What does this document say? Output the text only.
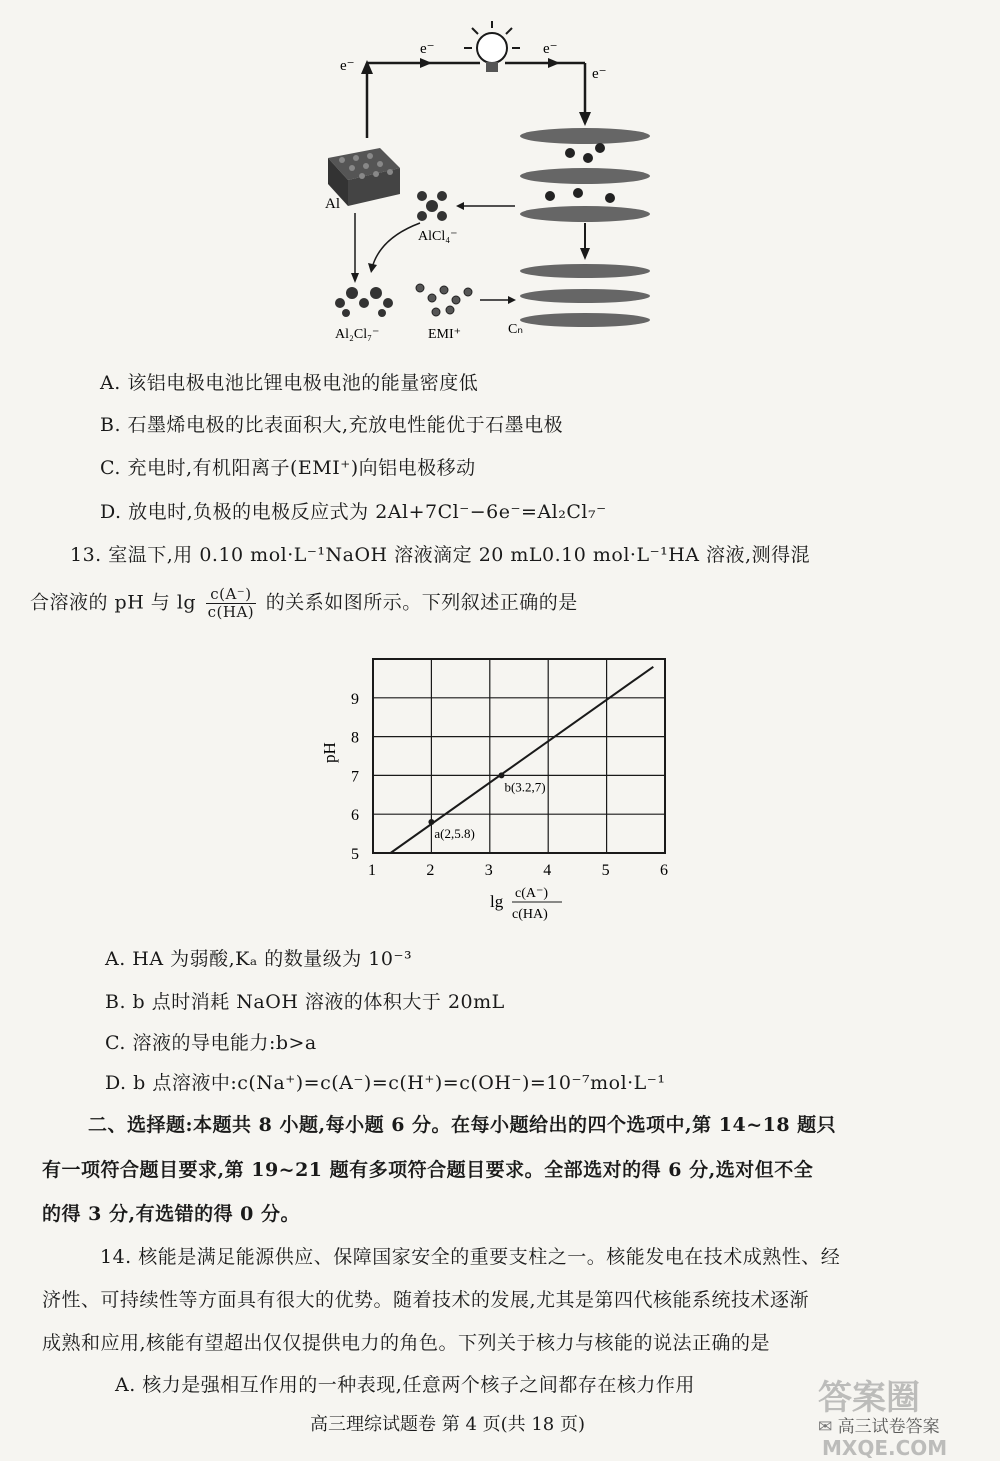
e⁻
e⁻	e⁻
e⁻
Al
AlCl₄⁻
Al₂Cl₇⁻	EMI⁺	Cₙ
A. 该铝电极电池比锂电极电池的能量密度低
B. 石墨烯电极的比表面积大,充放电性能优于石墨电极
C. 充电时,有机阳离子(EMI⁺)向铝电极移动
D. 放电时,负极的电极反应式为 2Al+7Cl⁻−6e⁻=Al₂Cl₇⁻
13. 室温下,用 0.10 mol·L⁻¹NaOH 溶液滴定 20 mL0.10 mol·L⁻¹HA 溶液,测得混
合溶液的 pH 与 $\lg \frac{c(A^-)}{c(HA)}$ 的关系如图所示。下列叙述正确的是
a(2,5.8)
b(3.2,7)
1	2	3	4	5	6
5
6
7
8
9
pH
lg c(A⁻)
c(HA)
A. HA 为弱酸,Kₐ 的数量级为 10⁻³
B. b 点时消耗 NaOH 溶液的体积大于 20mL
C. 溶液的导电能力:b>a
D. b 点溶液中:c(Na⁺)=c(A⁻)=c(H⁺)=c(OH⁻)=10⁻⁷mol·L⁻¹
二、选择题:本题共 8 小题,每小题 6 分。在每小题给出的四个选项中,第 14~18 题只
有一项符合题目要求,第 19~21 题有多项符合题目要求。全部选对的得 6 分,选对但不全
的得 3 分,有选错的得 0 分。
14. 核能是满足能源供应、保障国家安全的重要支柱之一。核能发电在技术成熟性、经
济性、可持续性等方面具有很大的优势。随着技术的发展,尤其是第四代核能系统技术逐渐
成熟和应用,核能有望超出仅仅提供电力的角色。下列关于核力与核能的说法正确的是
A. 核力是强相互作用的一种表现,任意两个核子之间都存在核力作用
高三理综试题卷 第 4 页(共 18 页)
答案圈
✉ 高三试卷答案
MXQE.COM
